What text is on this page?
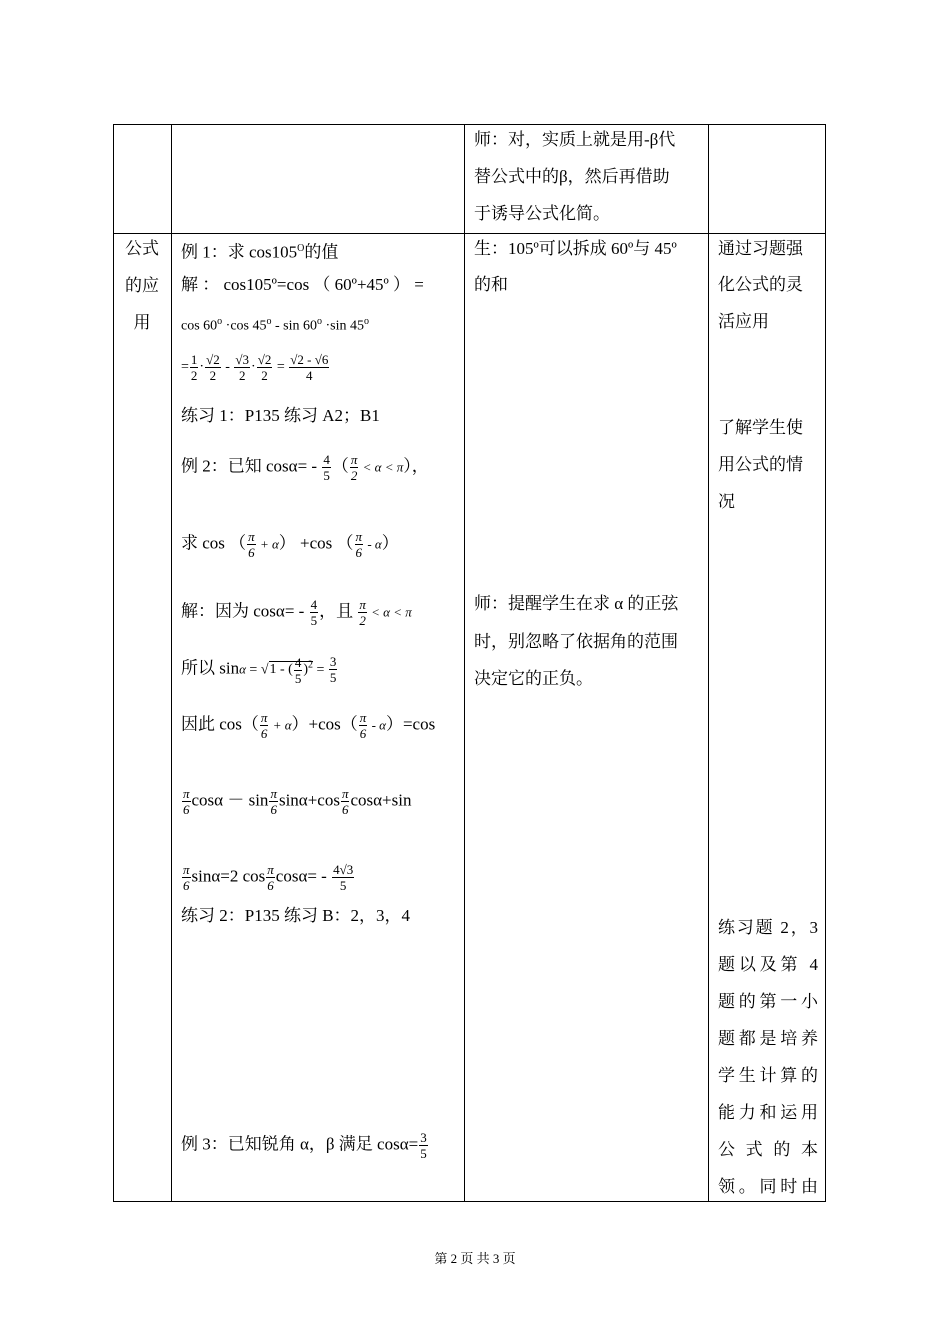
师：对，实质上就是用-β代
替公式中的β，然后再借助
于诱导公式化简。
公式
的应
用
例 1：求 $\cos 105^O$的值
解 ： cos105º=cos （ 60º+45º ） =
$\cos 60^o \cdot\cos$ $45^o - \sin 60^o \cdot\sin$ $45^o$
= $\frac{1}{2} \cdot \frac{√2}{2} - \frac{√3}{2} \cdot \frac{√2}{2} = \frac{√2 - √6}{4}$
练习 1：P135 练习 A2；B1
例 2：已知 $\cos\alpha= - \frac{4}{5}$ （ $\frac{\pi}{2} < \alpha < \pi$），
求 cos （ $\frac{\pi}{6} + \alpha) +\cos$ （ $\frac{\pi}{6} - \alpha$）
解：因为 $\cos\alpha= - \frac{4}{5}$ ，且 $\frac{\pi}{2} < \alpha < \pi$
所以 sinα = √1 - ( $\frac{4}{5} )^2 = \frac{3}{5}$
因此 $\cos( \frac{\pi}{6} + \alpha)+\cos( \frac{\pi}{6} - \alpha)=\cos$
$\frac{\pi}{6}$ $\cos\alpha - \sin \frac{\pi}{6} \sin\alpha+\cos \frac{\pi}{6} \cos\alpha+\sin$
$\frac{\pi}{6} \sin\alpha=2$ $\cos \frac{\pi}{6} \cos\alpha= - \frac{4√3}{5}$
练习 2：P135 练习 B：2，3，4
例 3：已知锐角 α，β 满足 $\cos\alpha= \frac{3}{5}$
生：105º可以拆成 60º与 45º
的和
师：提醒学生在求 α 的正弦
时，别忽略了依据角的范围
决定它的正负。
通过习题强
化公式的灵
活应用
了解学生使
用公式的情
况
练习题 2，3
题以及第 4
题的第一小
题都是培养
学生计算的
能力和运用
公 式 的 本
领。同时由
第 2 页 共 3 页
